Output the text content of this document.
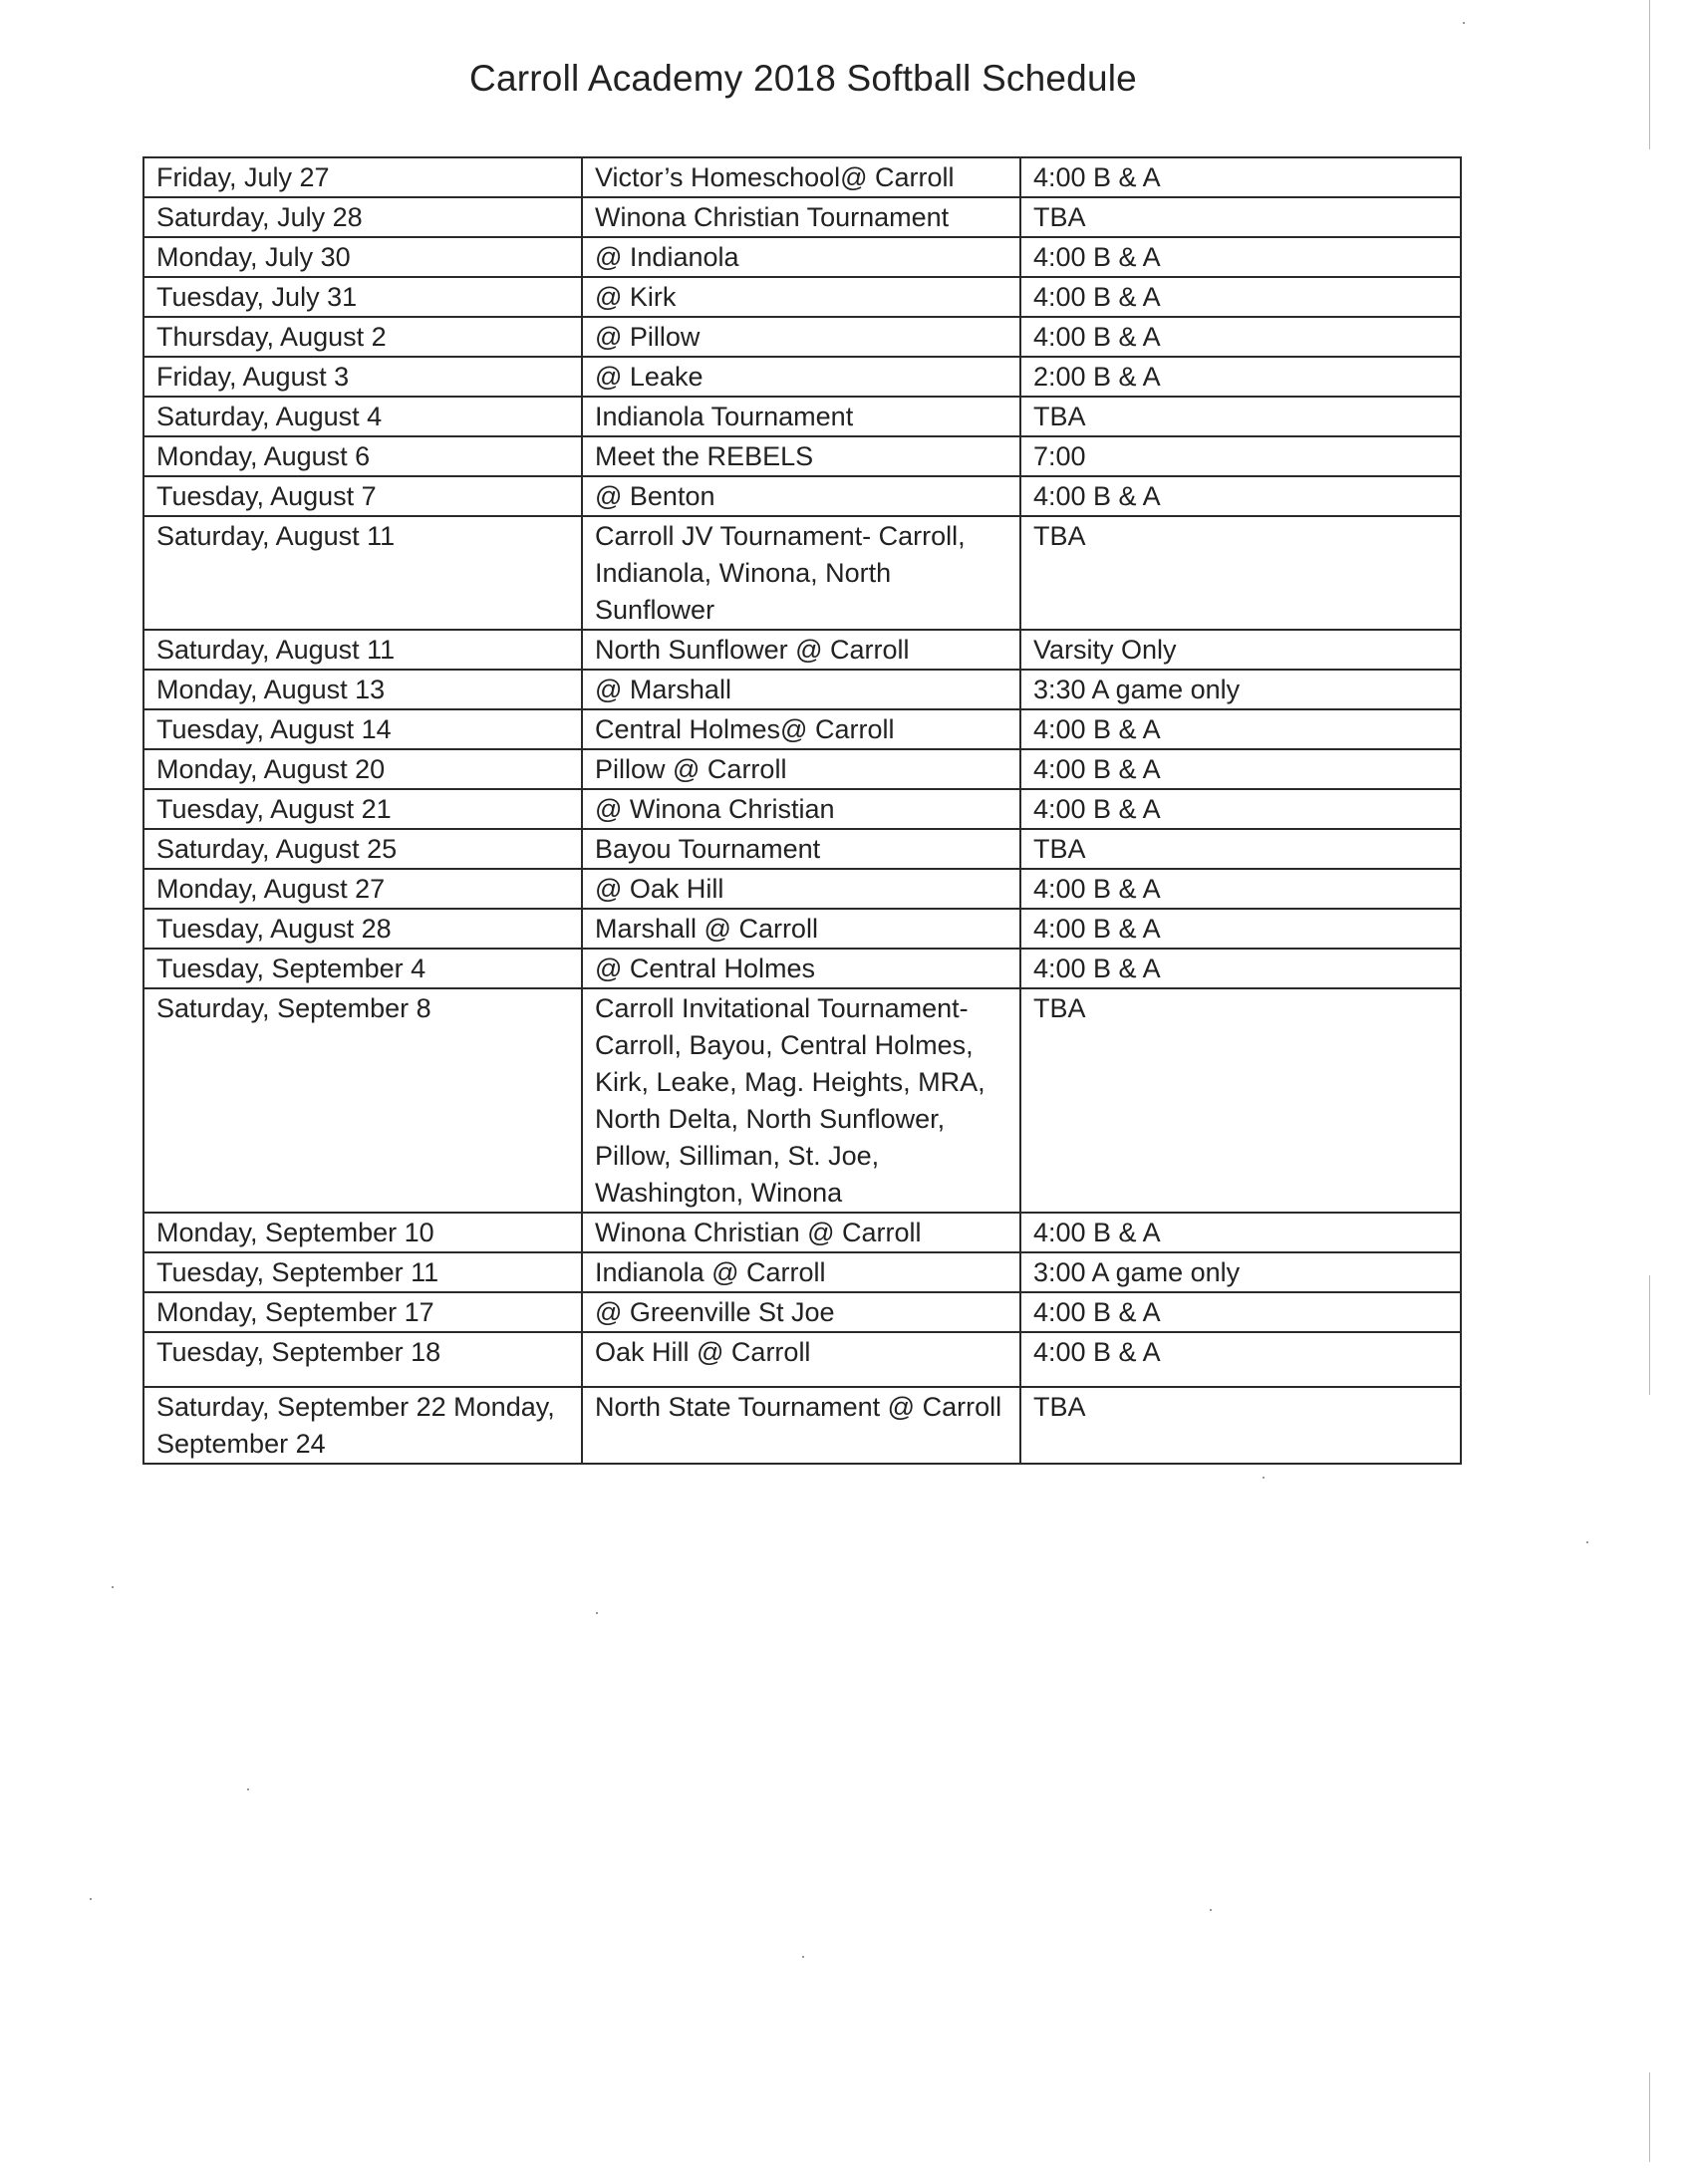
Carroll Academy 2018 Softball Schedule
Friday, July 27	Victor’s Homeschool@ Carroll	4:00 B & A
Saturday, July 28	Winona Christian Tournament	TBA
Monday, July 30	@ Indianola	4:00 B & A
Tuesday, July 31	@ Kirk	4:00 B & A
Thursday, August 2	@ Pillow	4:00 B & A
Friday, August 3	@ Leake	2:00 B & A
Saturday, August 4	Indianola Tournament	TBA
Monday, August 6	Meet the REBELS	7:00
Tuesday, August 7	@ Benton	4:00 B & A
Saturday, August 11	Carroll JV Tournament- Carroll, Indianola, Winona, North Sunflower	TBA
Saturday, August 11	North Sunflower @ Carroll	Varsity Only
Monday, August 13	@ Marshall	3:30 A game only
Tuesday, August 14	Central Holmes@ Carroll	4:00 B & A
Monday, August 20	Pillow @ Carroll	4:00 B & A
Tuesday, August 21	@ Winona Christian	4:00 B & A
Saturday, August 25	Bayou Tournament	TBA
Monday, August 27	@ Oak Hill	4:00 B & A
Tuesday, August 28	Marshall @ Carroll	4:00 B & A
Tuesday, September 4	@ Central Holmes	4:00 B & A
Saturday, September 8	Carroll Invitational Tournament- Carroll, Bayou, Central Holmes, Kirk, Leake, Mag. Heights, MRA, North Delta, North Sunflower, Pillow, Silliman, St. Joe, Washington, Winona	TBA
Monday, September 10	Winona Christian @ Carroll	4:00 B & A
Tuesday, September 11	Indianola @ Carroll	3:00 A game only
Monday, September 17	@ Greenville St Joe	4:00 B & A
Tuesday, September 18	Oak Hill @ Carroll	4:00 B & A
Saturday, September 22 Monday, September 24	North State Tournament @ Carroll	TBA
